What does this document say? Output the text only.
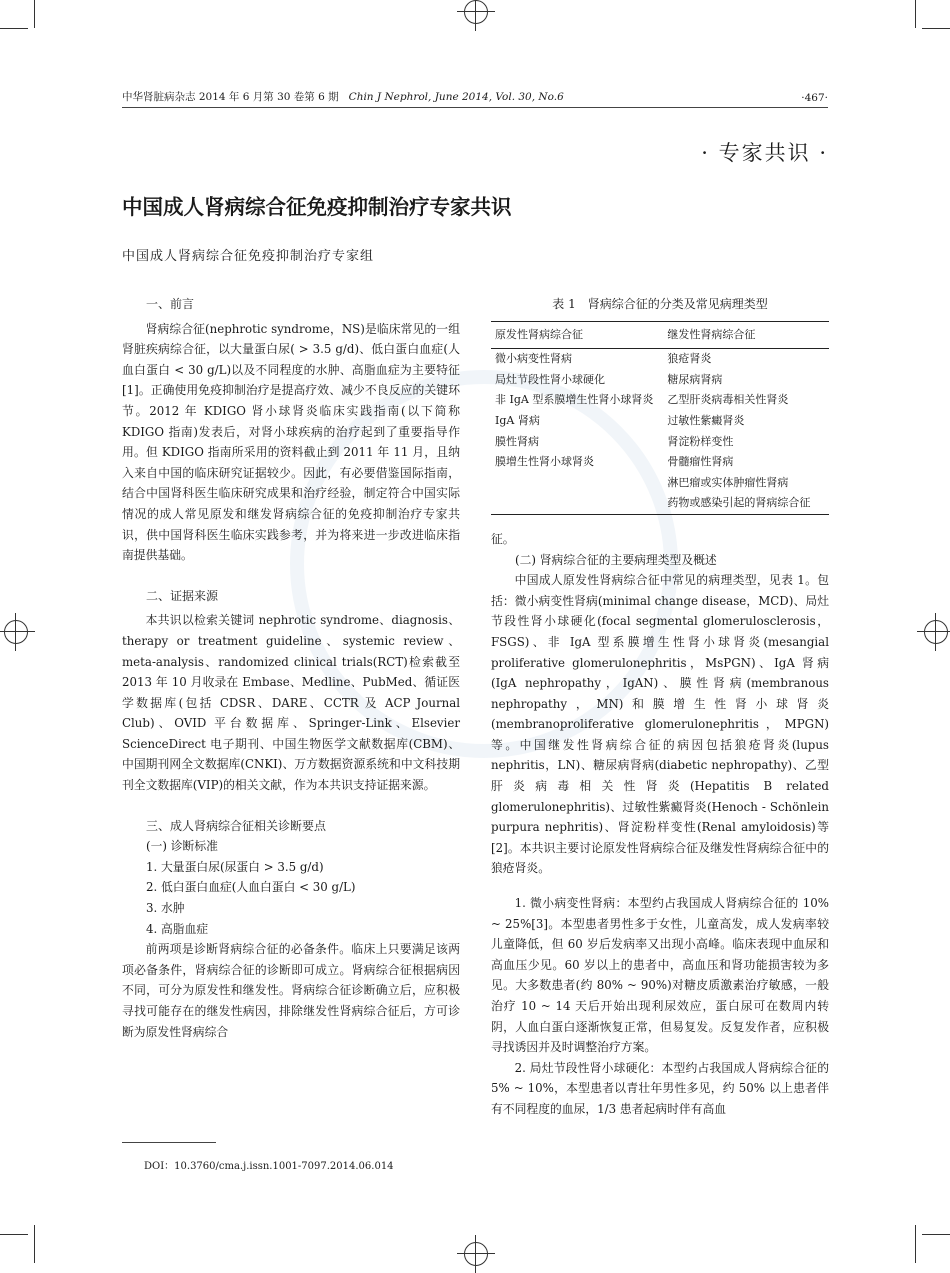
中华肾脏病杂志 2014 年 6 月第 30 卷第 6 期 Chin J Nephrol, June 2014, Vol. 30, No.6	·467·
· 专家共识 ·
中国成人肾病综合征免疫抑制治疗专家共识
中国成人肾病综合征免疫抑制治疗专家组
一、前言

肾病综合征(nephrotic syndrome，NS)是临床常见的一组肾脏疾病综合征，以大量蛋白尿( > 3.5 g/d)、低白蛋白血症(人血白蛋白 < 30 g/L)以及不同程度的水肿、高脂血症为主要特征[1]。正确使用免疫抑制治疗是提高疗效、减少不良反应的关键环节。2012 年 KDIGO 肾小球肾炎临床实践指南(以下简称 KDIGO 指南)发表后，对肾小球疾病的治疗起到了重要指导作用。但 KDIGO 指南所采用的资料截止到 2011 年 11 月，且纳入来自中国的临床研究证据较少。因此，有必要借鉴国际指南，结合中国肾科医生临床研究成果和治疗经验，制定符合中国实际情况的成人常见原发和继发肾病综合征的免疫抑制治疗专家共识，供中国肾科医生临床实践参考，并为将来进一步改进临床指南提供基础。

二、证据来源

本共识以检索关键词 nephrotic syndrome、diagnosis、therapy or treatment guideline、systemic review、meta-analysis、randomized clinical trials(RCT)检索截至 2013 年 10 月收录在 Embase、Medline、PubMed、循证医学数据库(包括 CDSR、DARE、CCTR 及 ACP Journal Club)、OVID 平台数据库、Springer-Link、Elsevier ScienceDirect 电子期刊、中国生物医学文献数据库(CBM)、中国期刊网全文数据库(CNKI)、万方数据资源系统和中文科技期刊全文数据库(VIP)的相关文献，作为本共识支持证据来源。

三、成人肾病综合征相关诊断要点
(一) 诊断标准
1. 大量蛋白尿(尿蛋白 > 3.5 g/d)
2. 低白蛋白血症(人血白蛋白 < 30 g/L)
3. 水肿
4. 高脂血症

前两项是诊断肾病综合征的必备条件。临床上只要满足该两项必备条件，肾病综合征的诊断即可成立。肾病综合征根据病因不同，可分为原发性和继发性。肾病综合征诊断确立后，应积极寻找可能存在的继发性病因，排除继发性肾病综合征后，方可诊断为原发性肾病综合

表 1　肾病综合征的分类及常见病理类型
原发性肾病综合征	继发性肾病综合征
微小病变性肾病	狼疮肾炎
局灶节段性肾小球硬化	糖尿病肾病
非 IgA 型系膜增生性肾小球肾炎	乙型肝炎病毒相关性肾炎
IgA 肾病	过敏性紫癜肾炎
膜性肾病	肾淀粉样变性
膜增生性肾小球肾炎	骨髓瘤性肾病
	淋巴瘤或实体肿瘤性肾病
	药物或感染引起的肾病综合征
征。
(二) 肾病综合征的主要病理类型及概述

中国成人原发性肾病综合征中常见的病理类型，见表 1。包括：微小病变性肾病(minimal change disease，MCD)、局灶节段性肾小球硬化(focal segmental glomerulosclerosis，FSGS)、非 IgA 型系膜增生性肾小球肾炎(mesangial proliferative glomerulonephritis，MsPGN)、IgA 肾病(IgA nephropathy，IgAN)、膜性肾病(membranous nephropathy，MN)和膜增生性肾小球肾炎(membranoproliferative glomerulonephritis，MPGN)等。中国继发性肾病综合征的病因包括狼疮肾炎(lupus nephritis，LN)、糖尿病肾病(diabetic nephropathy)、乙型肝炎病毒相关性肾炎(Hepatitis B related glomerulonephritis)、过敏性紫癜肾炎(Henoch - Schönlein purpura nephritis)、肾淀粉样变性(Renal amyloidosis)等[2]。本共识主要讨论原发性肾病综合征及继发性肾病综合征中的狼疮肾炎。

1. 微小病变性肾病：本型约占我国成人肾病综合征的 10% ~ 25%[3]。本型患者男性多于女性，儿童高发，成人发病率较儿童降低，但 60 岁后发病率又出现小高峰。临床表现中血尿和高血压少见。60 岁以上的患者中，高血压和肾功能损害较为多见。大多数患者(约 80% ~ 90%)对糖皮质激素治疗敏感，一般治疗 10 ~ 14 天后开始出现利尿效应，蛋白尿可在数周内转阴，人血白蛋白逐渐恢复正常，但易复发。反复发作者，应积极寻找诱因并及时调整治疗方案。

2. 局灶节段性肾小球硬化：本型约占我国成人肾病综合征的 5% ~ 10%，本型患者以青壮年男性多见，约 50% 以上患者伴有不同程度的血尿，1/3 患者起病时伴有高血

DOI：10.3760/cma.j.issn.1001-7097.2014.06.014
